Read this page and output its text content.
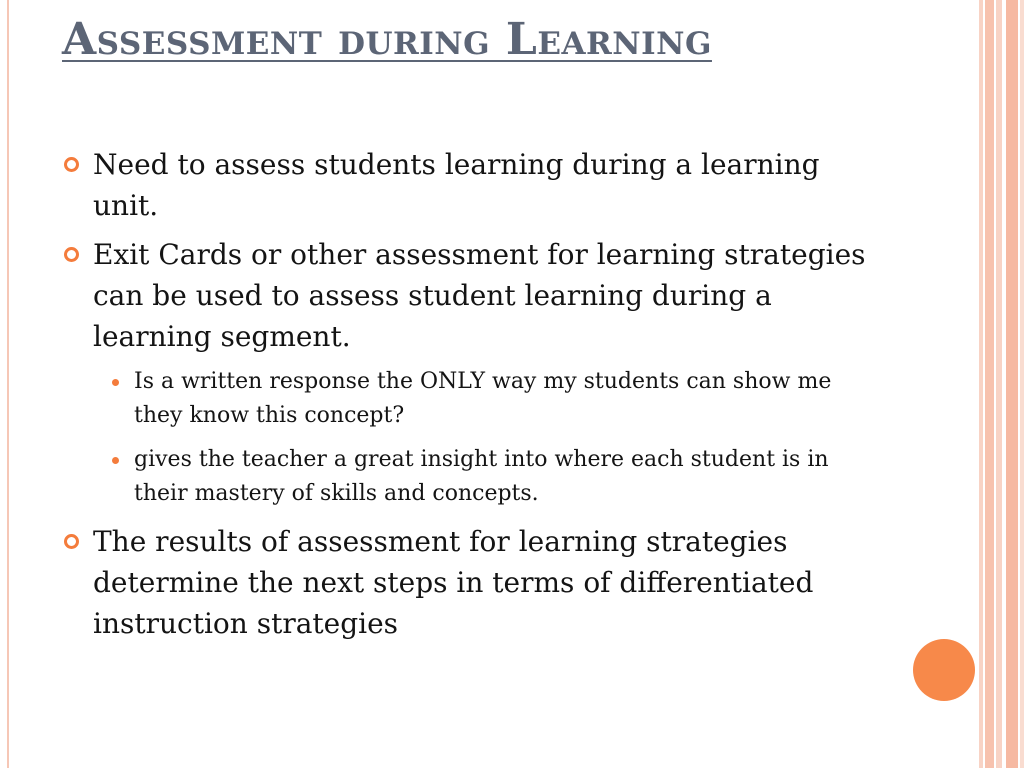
Assessment during Learning
Need to assess students learning during a learning unit.
Exit Cards or other assessment for learning strategies can be used to assess student learning during a learning segment.
Is a written response the ONLY way my students can show me they know this concept?
gives the teacher a great insight into where each student is in their mastery of skills and concepts.
The results of assessment for learning strategies determine the next steps in terms of differentiated instruction strategies
